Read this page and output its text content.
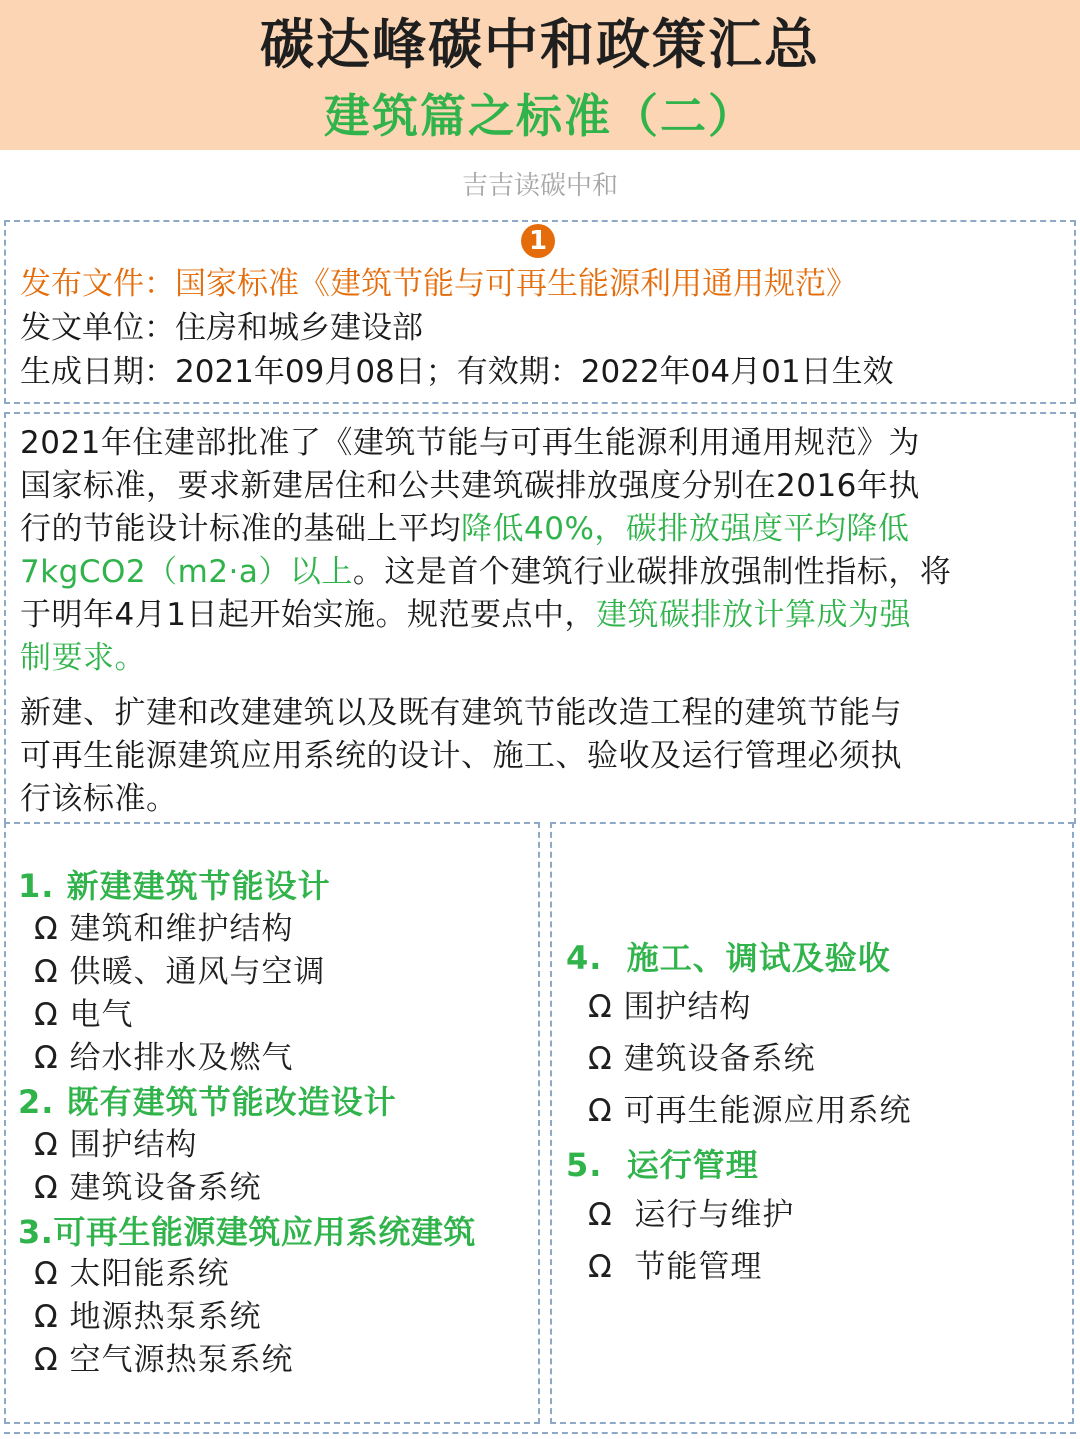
碳达峰碳中和政策汇总
建筑篇之标准（二）
吉吉读碳中和
1
发布文件：国家标准《建筑节能与可再生能源利用通用规范》
发文单位：住房和城乡建设部
生成日期：2021年09月08日；有效期：2022年04月01日生效
2021年住建部批准了《建筑节能与可再生能源利用通用规范》为
国家标准，要求新建居住和公共建筑碳排放强度分别在2016年执
行的节能设计标准的基础上平均降低40%，碳排放强度平均降低
7kgCO2（m2·a）以上。这是首个建筑行业碳排放强制性指标，将
于明年4月1日起开始实施。规范要点中，建筑碳排放计算成为强
制要求。
新建、扩建和改建建筑以及既有建筑节能改造工程的建筑节能与
可再生能源建筑应用系统的设计、施工、验收及运行管理必须执
行该标准。
1. 新建建筑节能设计
Ω 建筑和维护结构
Ω 供暖、通风与空调
Ω 电气
Ω 给水排水及燃气
2. 既有建筑节能改造设计
Ω 围护结构
Ω 建筑设备系统
3.可再生能源建筑应用系统建筑
Ω 太阳能系统
Ω 地源热泵系统
Ω 空气源热泵系统
4.  施工、调试及验收
Ω 围护结构
Ω 建筑设备系统
Ω 可再生能源应用系统
5.  运行管理
Ω  运行与维护
Ω  节能管理
